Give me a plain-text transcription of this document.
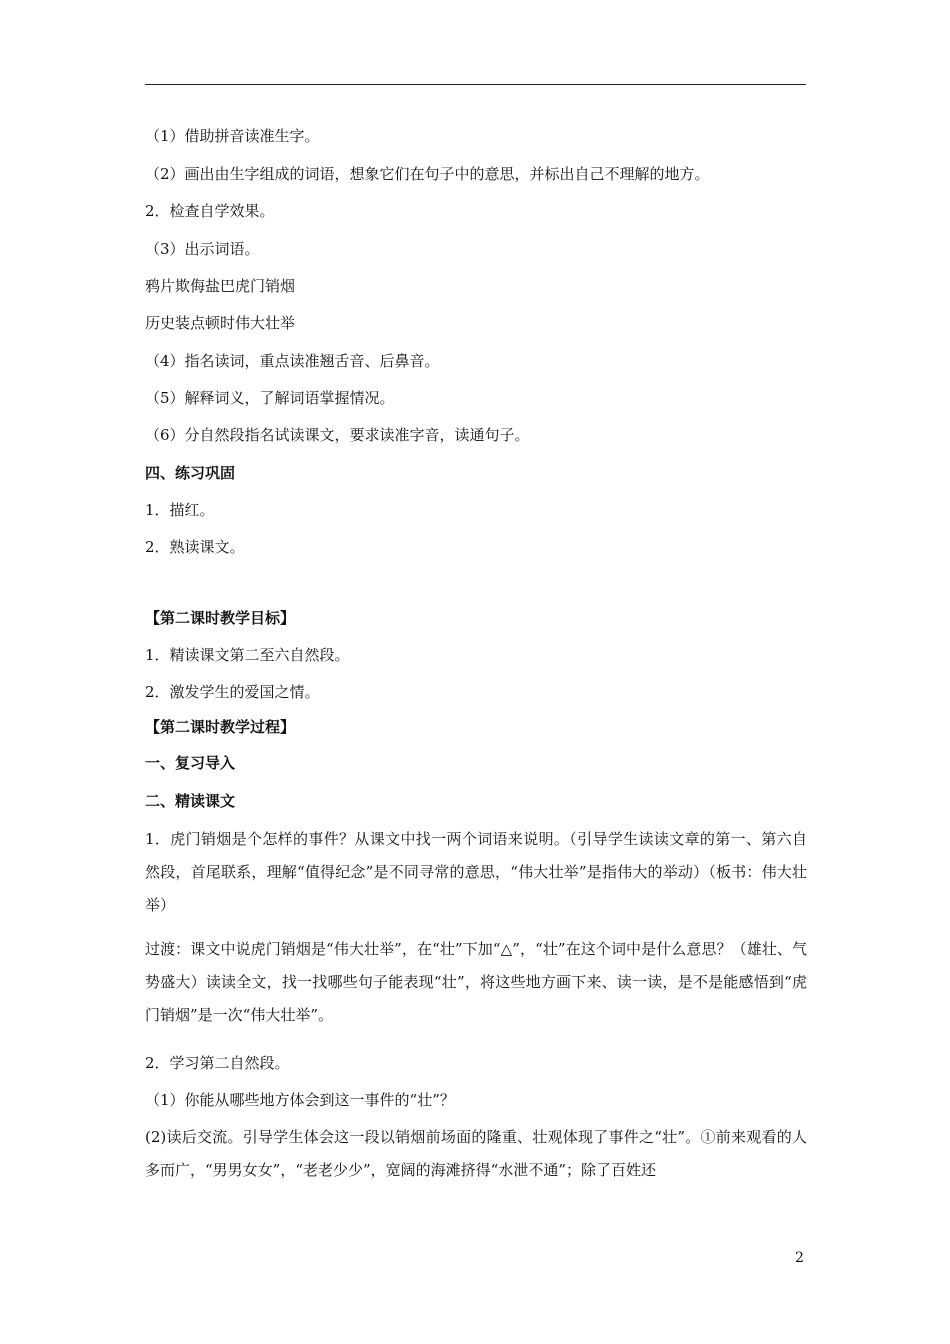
（1）借助拼音读准生字。
（2）画出由生字组成的词语，想象它们在句子中的意思，并标出自己不理解的地方。
2．检查自学效果。
（3）出示词语。
鸦片欺侮盐巴虎门销烟
历史装点顿时伟大壮举
（4）指名读词，重点读准翘舌音、后鼻音。
（5）解释词义，了解词语掌握情况。
（6）分自然段指名试读课文，要求读准字音，读通句子。
四、练习巩固
1．描红。
2．熟读课文。
【第二课时教学目标】
1．精读课文第二至六自然段。
2．激发学生的爱国之情。
【第二课时教学过程】
一、复习导入
二、精读课文
1．虎门销烟是个怎样的事件？从课文中找一两个词语来说明。（引导学生读读文章的第一、第六自然段，首尾联系，理解“值得纪念”是不同寻常的意思，“伟大壮举”是指伟大的举动）（板书：伟大壮举）
过渡：课文中说虎门销烟是“伟大壮举”，在“壮”下加“△”，“壮”在这个词中是什么意思？（雄壮、气势盛大）读读全文，找一找哪些句子能表现“壮”，将这些地方画下来、读一读，是不是能感悟到“虎门销烟”是一次“伟大壮举”。
2．学习第二自然段。
（1）你能从哪些地方体会到这一事件的“壮”？
(2)读后交流。引导学生体会这一段以销烟前场面的隆重、壮观体现了事件之“壮”。①前来观看的人多而广，“男男女女”，“老老少少”，宽阔的海滩挤得“水泄不通”；除了百姓还
2
